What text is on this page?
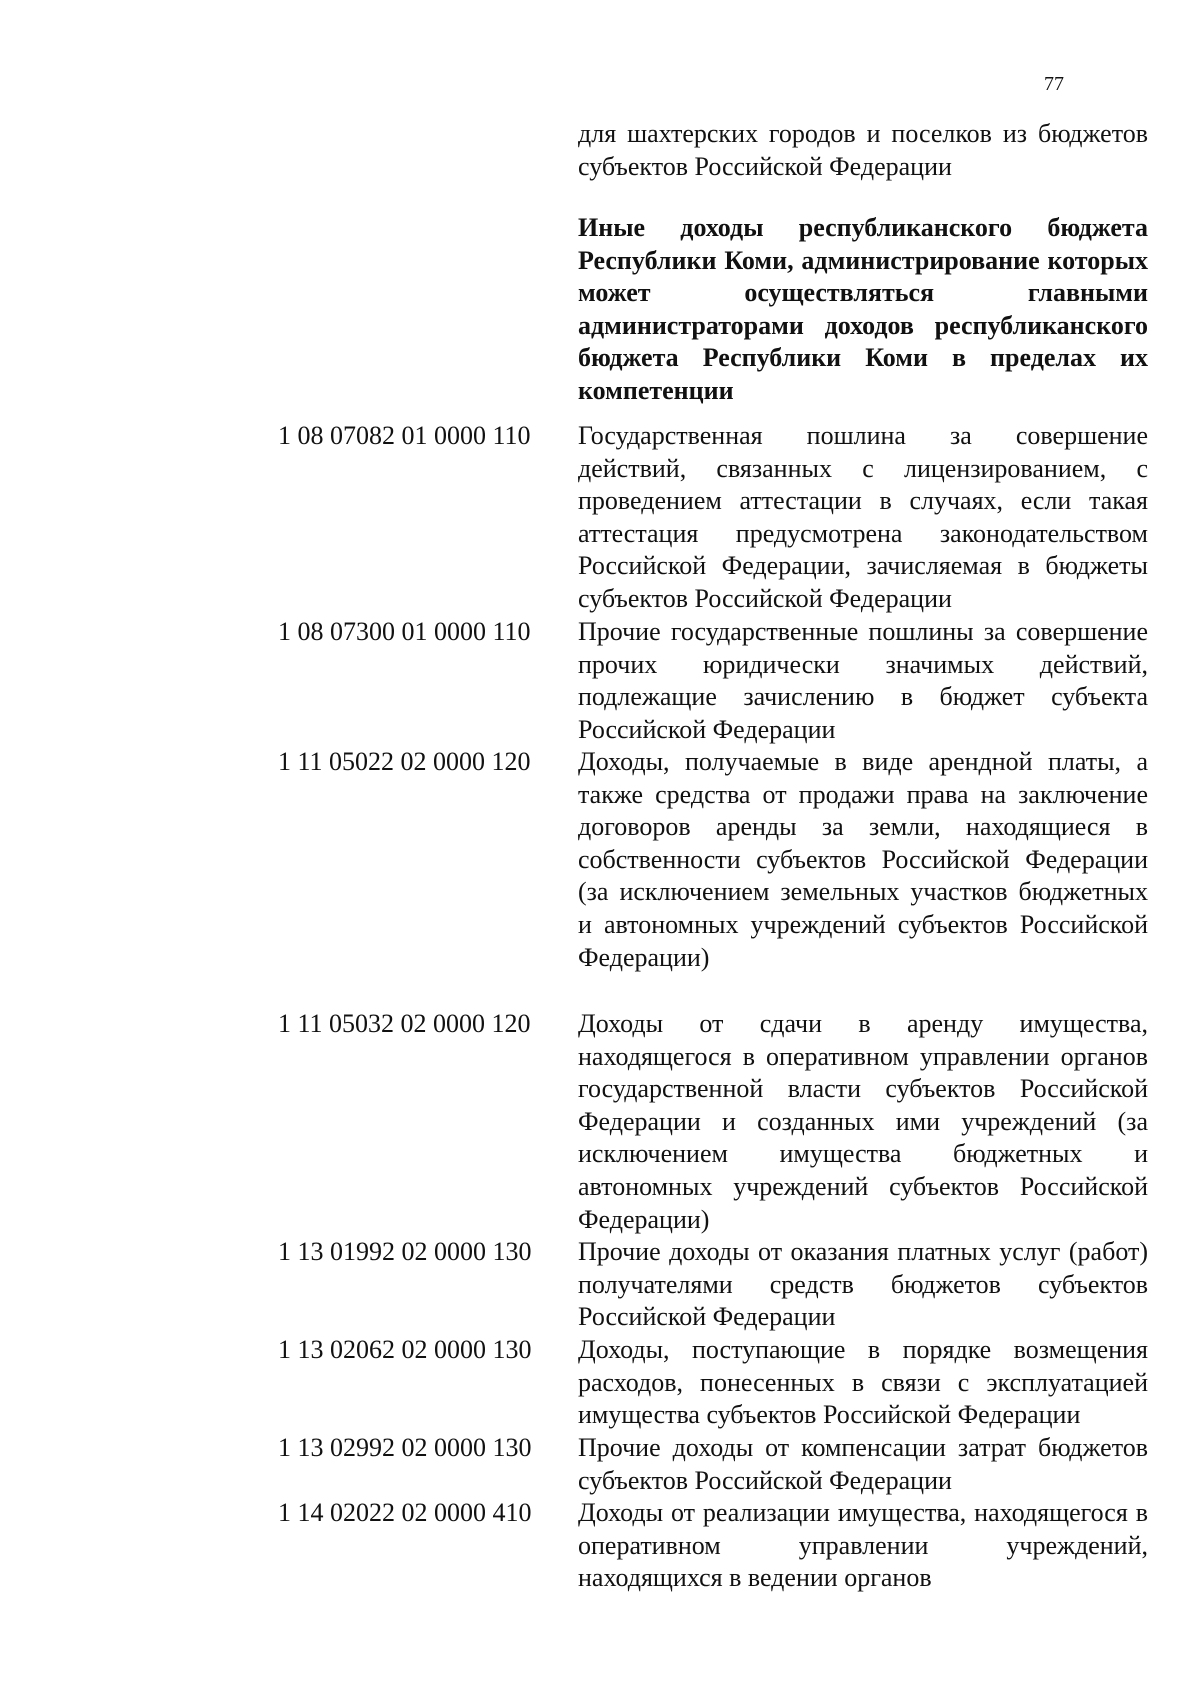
77
для шахтерских городов и поселков из бюджетов субъектов Российской Федерации
Иные доходы республиканского бюджета Республики Коми, администрирование которых может осуществляться главными администраторами доходов республиканского бюджета Республики Коми в пределах их компетенции
1 08 07082 01 0000 110	Государственная пошлина за совершение действий, связанных с лицензированием, с проведением аттестации в случаях, если такая аттестация предусмотрена законодательством Российской Федерации, зачисляемая в бюджеты субъектов Российской Федерации
1 08 07300 01 0000 110	Прочие государственные пошлины за совершение прочих юридически значимых действий, подлежащие зачислению в бюджет субъекта Российской Федерации
1 11 05022 02 0000 120	Доходы, получаемые в виде арендной платы, а также средства от продажи права на заключение договоров аренды за земли, находящиеся в собственности субъектов Российской Федерации (за исключением земельных участков бюджетных и автономных учреждений субъектов Российской Федерации)
1 11 05032 02 0000 120	Доходы от сдачи в аренду имущества, находящегося в оперативном управлении органов государственной власти субъектов Российской Федерации и созданных ими учреждений (за исключением имущества бюджетных и автономных учреждений субъектов Российской Федерации)
1 13 01992 02 0000 130	Прочие доходы от оказания платных услуг (работ) получателями средств бюджетов субъектов Российской Федерации
1 13 02062 02 0000 130	Доходы, поступающие в порядке возмещения расходов, понесенных в связи с эксплуатацией имущества субъектов Российской Федерации
1 13 02992 02 0000 130	Прочие доходы от компенсации затрат бюджетов субъектов Российской Федерации
1 14 02022 02 0000 410	Доходы от реализации имущества, находящегося в оперативном управлении учреждений, находящихся в ведении органов
